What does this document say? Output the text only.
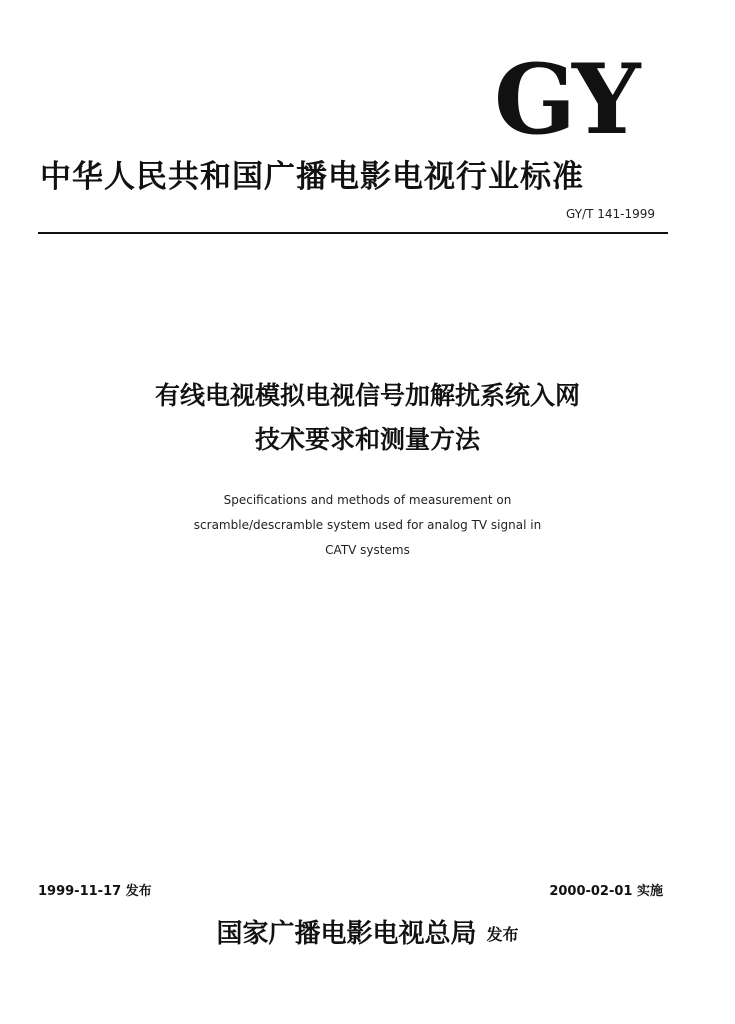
GY
中华人民共和国广播电影电视行业标准
GY/T 141-1999
有线电视模拟电视信号加解扰系统入网
技术要求和测量方法
Specifications and methods of measurement on
scramble/descramble system used for analog TV signal in
CATV systems
1999-11-17 发布	2000-02-01 实施
国家广播电影电视总局 发布
